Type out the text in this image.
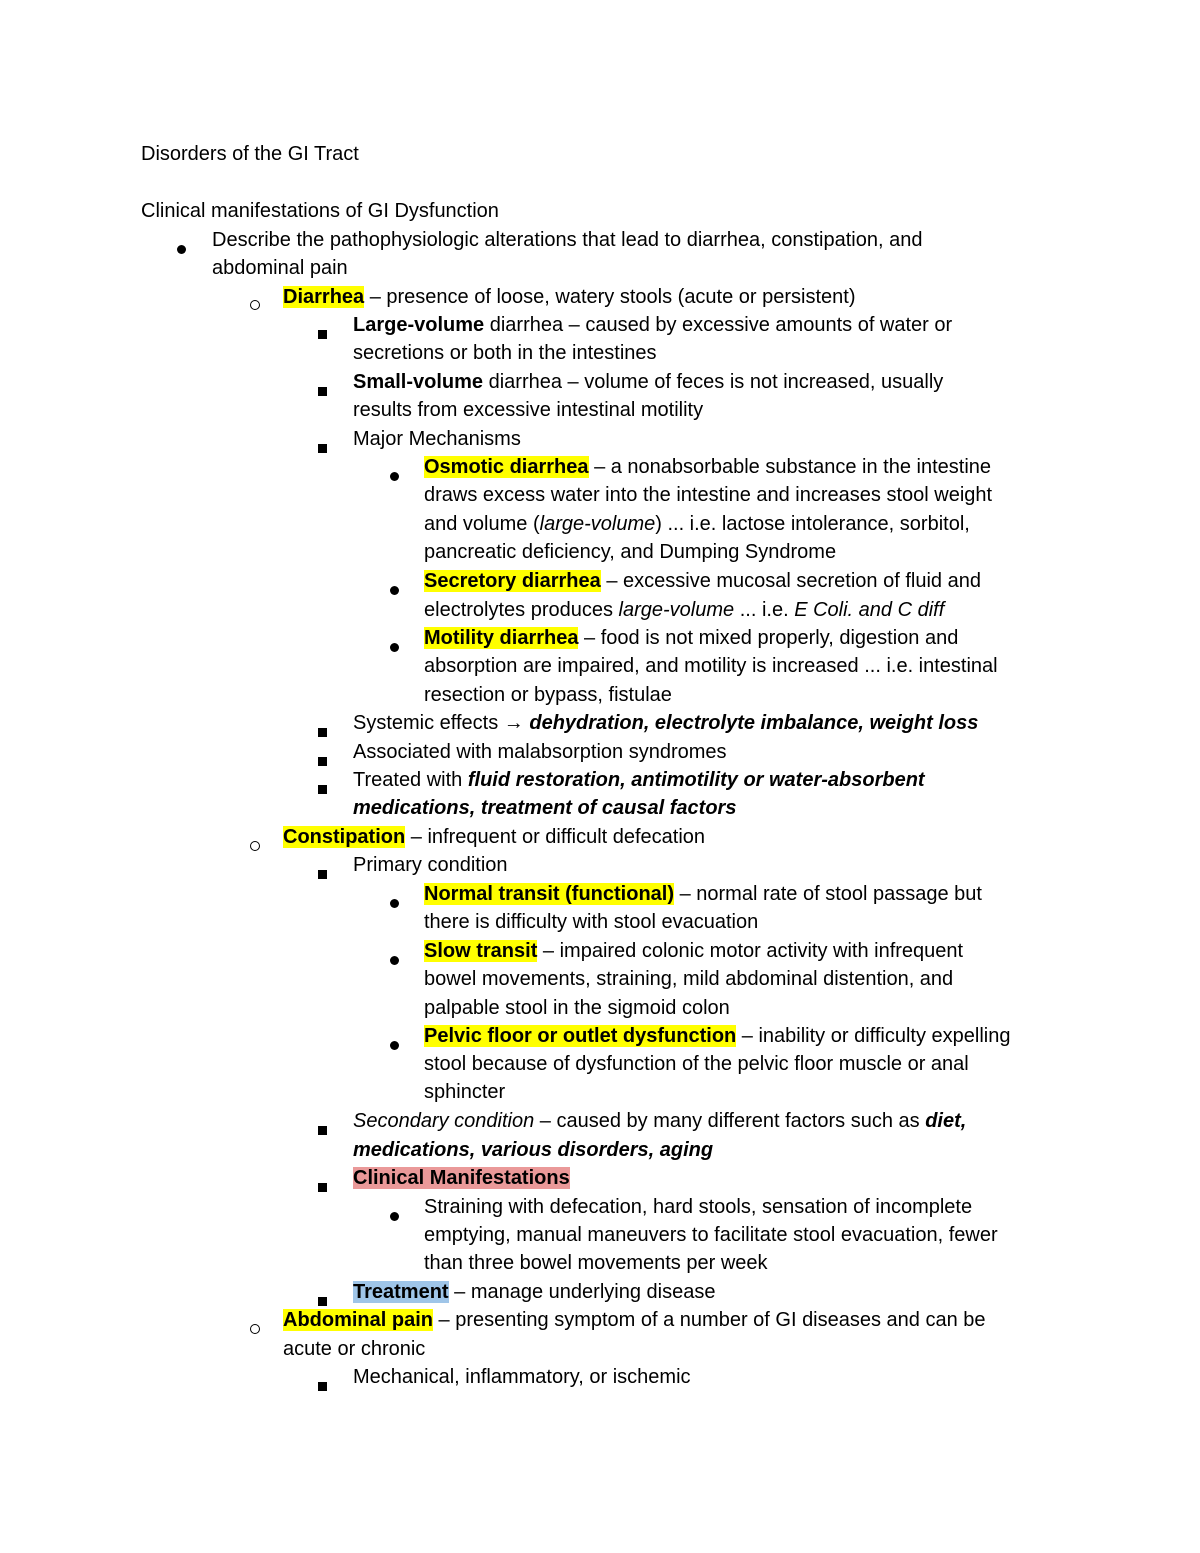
Disorders of the GI Tract
Clinical manifestations of GI Dysfunction
Describe the pathophysiologic alterations that lead to diarrhea, constipation, and
abdominal pain
Diarrhea – presence of loose, watery stools (acute or persistent)
Large-volume diarrhea – caused by excessive amounts of water or
secretions or both in the intestines
Small-volume diarrhea – volume of feces is not increased, usually
results from excessive intestinal motility
Major Mechanisms
Osmotic diarrhea – a nonabsorbable substance in the intestine
draws excess water into the intestine and increases stool weight
and volume (large-volume) ... i.e. lactose intolerance, sorbitol,
pancreatic deficiency, and Dumping Syndrome
Secretory diarrhea – excessive mucosal secretion of fluid and
electrolytes produces large-volume ... i.e. E Coli. and C diff
Motility diarrhea – food is not mixed properly, digestion and
absorption are impaired, and motility is increased ... i.e. intestinal
resection or bypass, fistulae
Systemic effects → dehydration, electrolyte imbalance, weight loss
Associated with malabsorption syndromes
Treated with fluid restoration, antimotility or water-absorbent
medications, treatment of causal factors
Constipation – infrequent or difficult defecation
Primary condition
Normal transit (functional) – normal rate of stool passage but
there is difficulty with stool evacuation
Slow transit – impaired colonic motor activity with infrequent
bowel movements, straining, mild abdominal distention, and
palpable stool in the sigmoid colon
Pelvic floor or outlet dysfunction – inability or difficulty expelling
stool because of dysfunction of the pelvic floor muscle or anal
sphincter
Secondary condition – caused by many different factors such as diet,
medications, various disorders, aging
Clinical Manifestations
Straining with defecation, hard stools, sensation of incomplete
emptying, manual maneuvers to facilitate stool evacuation, fewer
than three bowel movements per week
Treatment – manage underlying disease
Abdominal pain – presenting symptom of a number of GI diseases and can be
acute or chronic
Mechanical, inflammatory, or ischemic
